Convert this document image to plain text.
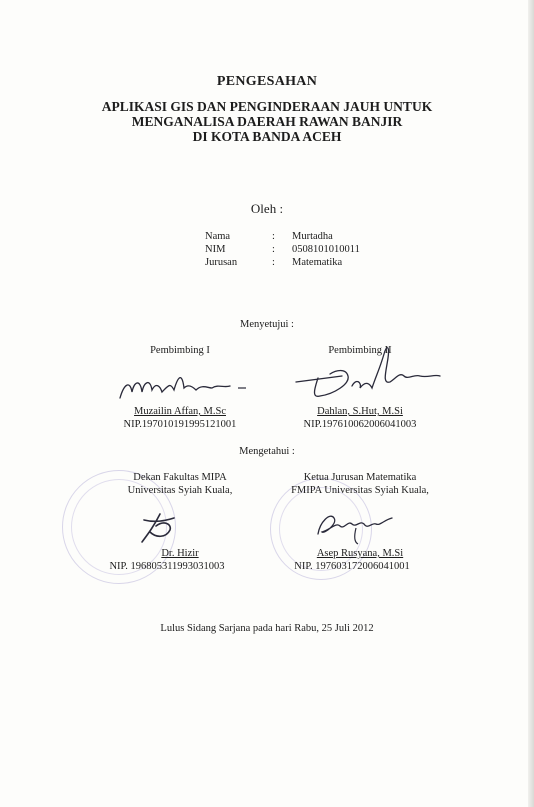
PENGESAHAN
APLIKASI GIS DAN PENGINDERAAN JAUH UNTUK
MENGANALISA DAERAH RAWAN BANJIR
DI KOTA BANDA ACEH
Oleh :
Nama	:	Murtadha
NIM	:	0508101010011
Jurusan	:	Matematika
Menyetujui :
Pembimbing I
Muzailin Affan, M.Sc
NIP.197010191995121001
Pembimbing II
Dahlan, S.Hut, M.Si
NIP.197610062006041003
Mengetahui :
Dekan Fakultas MIPA
Universitas Syiah Kuala,
Dr. Hizir
NIP. 196805311993031003
Ketua Jurusan Matematika
FMIPA Universitas Syiah Kuala,
Asep Rusyana, M.Si
NIP. 197603172006041001
Lulus Sidang Sarjana pada hari Rabu, 25 Juli 2012
